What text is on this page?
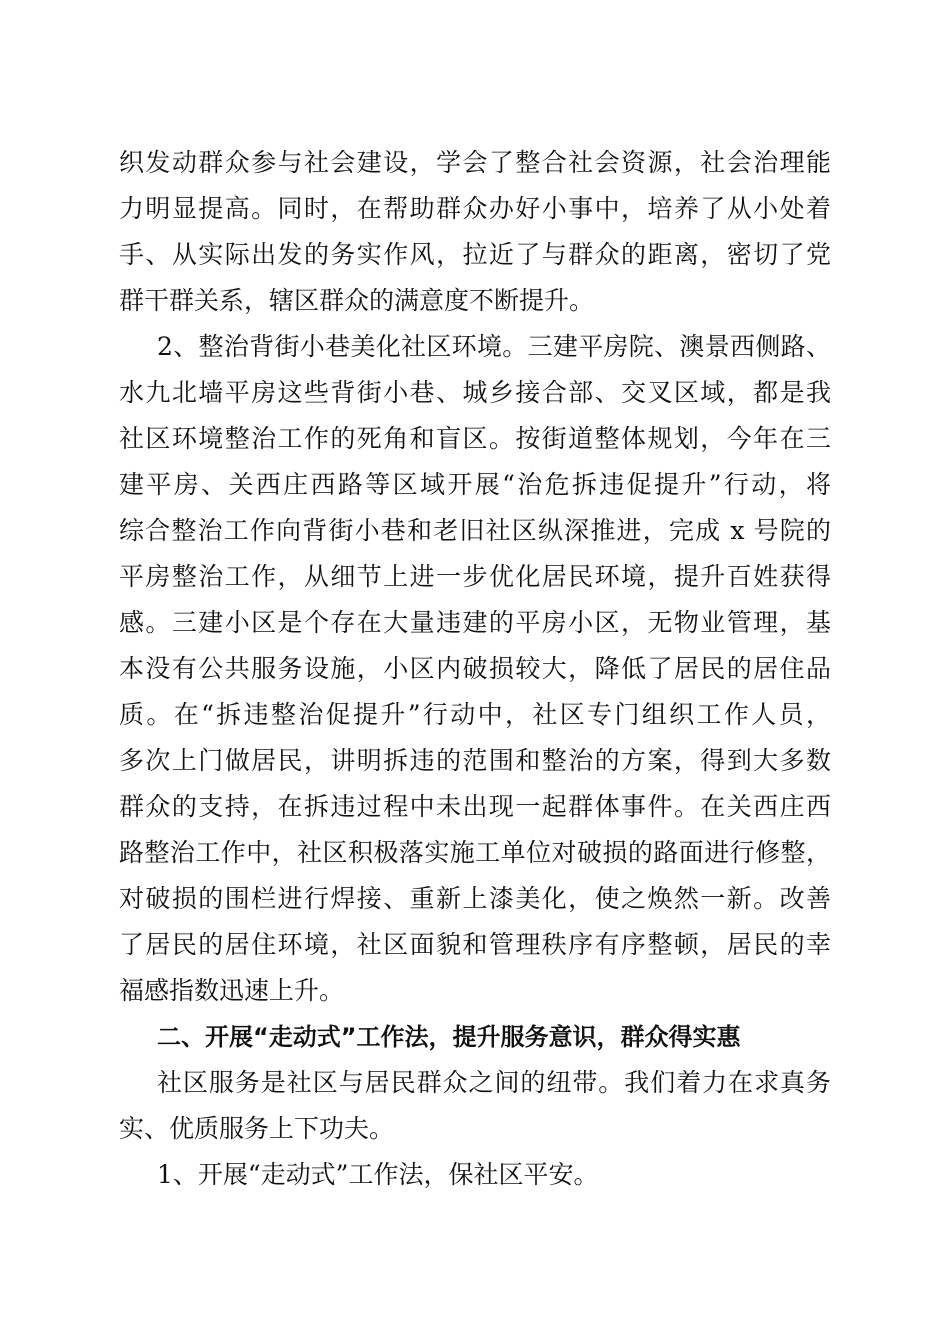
织发动群众参与社会建设，学会了整合社会资源，社会治理能
力明显提高。同时，在帮助群众办好小事中，培养了从小处着
手、从实际出发的务实作风，拉近了与群众的距离，密切了党
群干群关系，辖区群众的满意度不断提升。
2、整治背街小巷美化社区环境。三建平房院、澳景西侧路、
水九北墙平房这些背街小巷、城乡接合部、交叉区域，都是我
社区环境整治工作的死角和盲区。按街道整体规划，今年在三
建平房、关西庄西路等区域开展“治危拆违促提升”行动，将
综合整治工作向背街小巷和老旧社区纵深推进，完成 x 号院的
平房整治工作，从细节上进一步优化居民环境，提升百姓获得
感。三建小区是个存在大量违建的平房小区，无物业管理，基
本没有公共服务设施，小区内破损较大，降低了居民的居住品
质。在“拆违整治促提升”行动中，社区专门组织工作人员，
多次上门做居民，讲明拆违的范围和整治的方案，得到大多数
群众的支持，在拆违过程中未出现一起群体事件。在关西庄西
路整治工作中，社区积极落实施工单位对破损的路面进行修整，
对破损的围栏进行焊接、重新上漆美化，使之焕然一新。改善
了居民的居住环境，社区面貌和管理秩序有序整顿，居民的幸
福感指数迅速上升。
二、开展“走动式”工作法，提升服务意识，群众得实惠
社区服务是社区与居民群众之间的纽带。我们着力在求真务
实、优质服务上下功夫。
1、开展“走动式”工作法，保社区平安。
